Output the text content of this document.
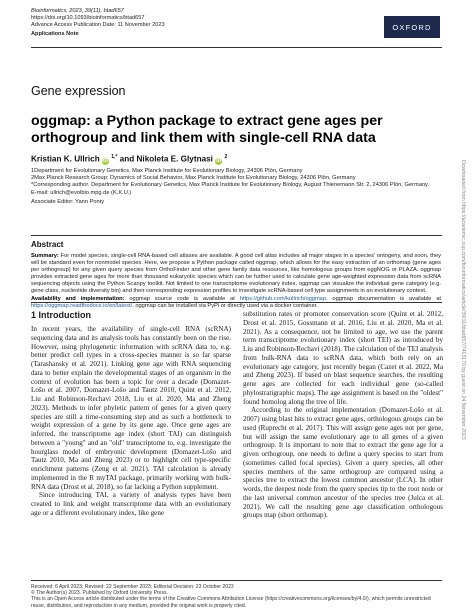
Bioinformatics, 2023, 39(11), btad657
https://doi.org/10.1093/bioinformatics/btad657
Advance Access Publication Date: 11 November 2023
Applications Note
OXFORD
Gene expression
oggmap: a Python package to extract gene ages per orthogroup and link them with single-cell RNA data
Kristian K. Ullrich iD $^{1,*}$ and Nikoleta E. Glytnasi iD $^2$
1Department for Evolutionary Genetics, Max Planck Institute for Evolutionary Biology, 24306 Plön, Germany
2Max Planck Research Group: Dynamics of Social Behavior, Max Planck Institute for Evolutionary Biology, 24306 Plön, Germany
*Corresponding author. Department for Evolutionary Genetics, Max Planck Institute for Evolutionary Biology, August Thienemann Str. 2, 24306 Plön, Germany.
E-mail: ullrich@evolbio.mpg.de (K.K.U.)
Associate Editor: Yann Ponty
Abstract
Summary: For model species, single-cell RNA-based cell atlases are available. A good cell atlas includes all major stages in a species' ontogeny, and soon, they will be standard even for nonmodel species. Here, we propose a Python package called oggmap, which allows for the easy extraction of an orthomap (gene ages per orthogroup) for any given query species from OrthoFinder and other gene family data resources, like homologous groups from eggNOG or PLAZA. oggmap provides extracted gene ages for more than thousand eukaryotic species which can be further used to calculate gene age-weighted expression data from scRNA sequencing objects using the Python Scanpy toolkit. Not limited to one transcriptome evolutionary index, oggmap can visualize the individual gene category (e.g. gene class, nucleotide diversity bin) and their corresponding expression profiles to investigate scRNA-based cell type assignments in an evolutionary context.
Availability and implementation: oggmap source code is available at https://github.com/kullrich/oggmap. oggmap documentation is available at https://oggmap.readthedocs.io/en/latest/. oggmap can be installed via PyPi or directly used via a docker container.
1 Introduction

In recent years, the availability of single-cell RNA (scRNA) sequencing data and its analysis tools has constantly been on the rise. However, using phylogenetic information with scRNA data to, e.g. better predict cell types in a cross-species manner is so far sparse (Tarashansky et al. 2021). Linking gene age with RNA sequencing data to better explain the developmental stages of an organism in the context of evolution has been a topic for over a decade (Domazet-Lošo et al. 2007, Domazet-Lošo and Tautz 2010, Quint et al. 2012, Liu and Robinson-Rechavi 2018, Liu et al. 2020, Ma and Zheng 2023). Methods to infer phyletic pattern of genes for a given query species are still a time-consuming step and as such a bottleneck to weight expression of a gene by its gene age. Once gene ages are inferred, the transcriptome age index (short TAI) can distinguish between a "young" and an "old" transcriptome to, e.g. investigate the hourglass model of embryonic development (Domazet-Lošo and Tautz 2010, Ma and Zheng 2023) or to highlight cell type-specific enrichment patterns (Zeng et al. 2021). TAI calculation is already implemented in the R myTAI package, primarily working with bulk-RNA data (Drost et al. 2018), so far lacking a Python supplement.

Since introducing TAI, a variety of analysis types have been created to link and weight transcriptome data with an evolutionary age or a different evolutionary index, like gene

substitution rates or promoter conservation score (Quint et al. 2012, Drost et al. 2015, Gossmann et al. 2016, Liu et al. 2020, Ma et al. 2021). As a consequence, not be limited to age, we use the parent term transcriptome evolutionary index (short TEI) as introduced by Liu and Robinson-Rechavi (2018). The calculation of the TEI analysis from bulk-RNA data to scRNA data, which both rely on an evolutionary age category, just recently began (Cazet et al. 2022, Ma and Zheng 2023). If based on blast sequence searches, the resulting gene ages are collected for each individual gene (so-called phylostratigraphic maps). The age assignment is based on the "oldest" found homolog along the tree of life.

According to the original implementation (Domazet-Lošo et al. 2007) using blast hits to extract gene ages, orthologous groups can be used (Ruprecht et al. 2017). This will assign gene ages not per gene, but will assign the same evolutionary age to all genes of a given orthogroup. It is important to note that to extract the gene age for a given orthogroup, one needs to define a query species to start from (sometimes called focal species). Given a query species, all other species members of the same orthogroup are compared using a species tree to extract the lowest common ancestor (LCA). In other words, the deepest node from the query species tip to the root node or the last universal common ancestor of the species tree (Julca et al. 2021). We call the resulting gene age classification orthologous groups map (short orthomap).

Received: 6 April 2023; Revised: 22 September 2023; Editorial Decision: 23 October 2023
© The Author(s) 2023. Published by Oxford University Press.
This is an Open Access article distributed under the terms of the Creative Commons Attribution License (https://creativecommons.org/licenses/by/4.0/), which permits unrestricted reuse, distribution, and reproduction in any medium, provided the original work is properly cited.
Downloaded from https://academic.oup.com/bioinformatics/article/39/11/btad657/7413170 by guest on 24 November 2023
